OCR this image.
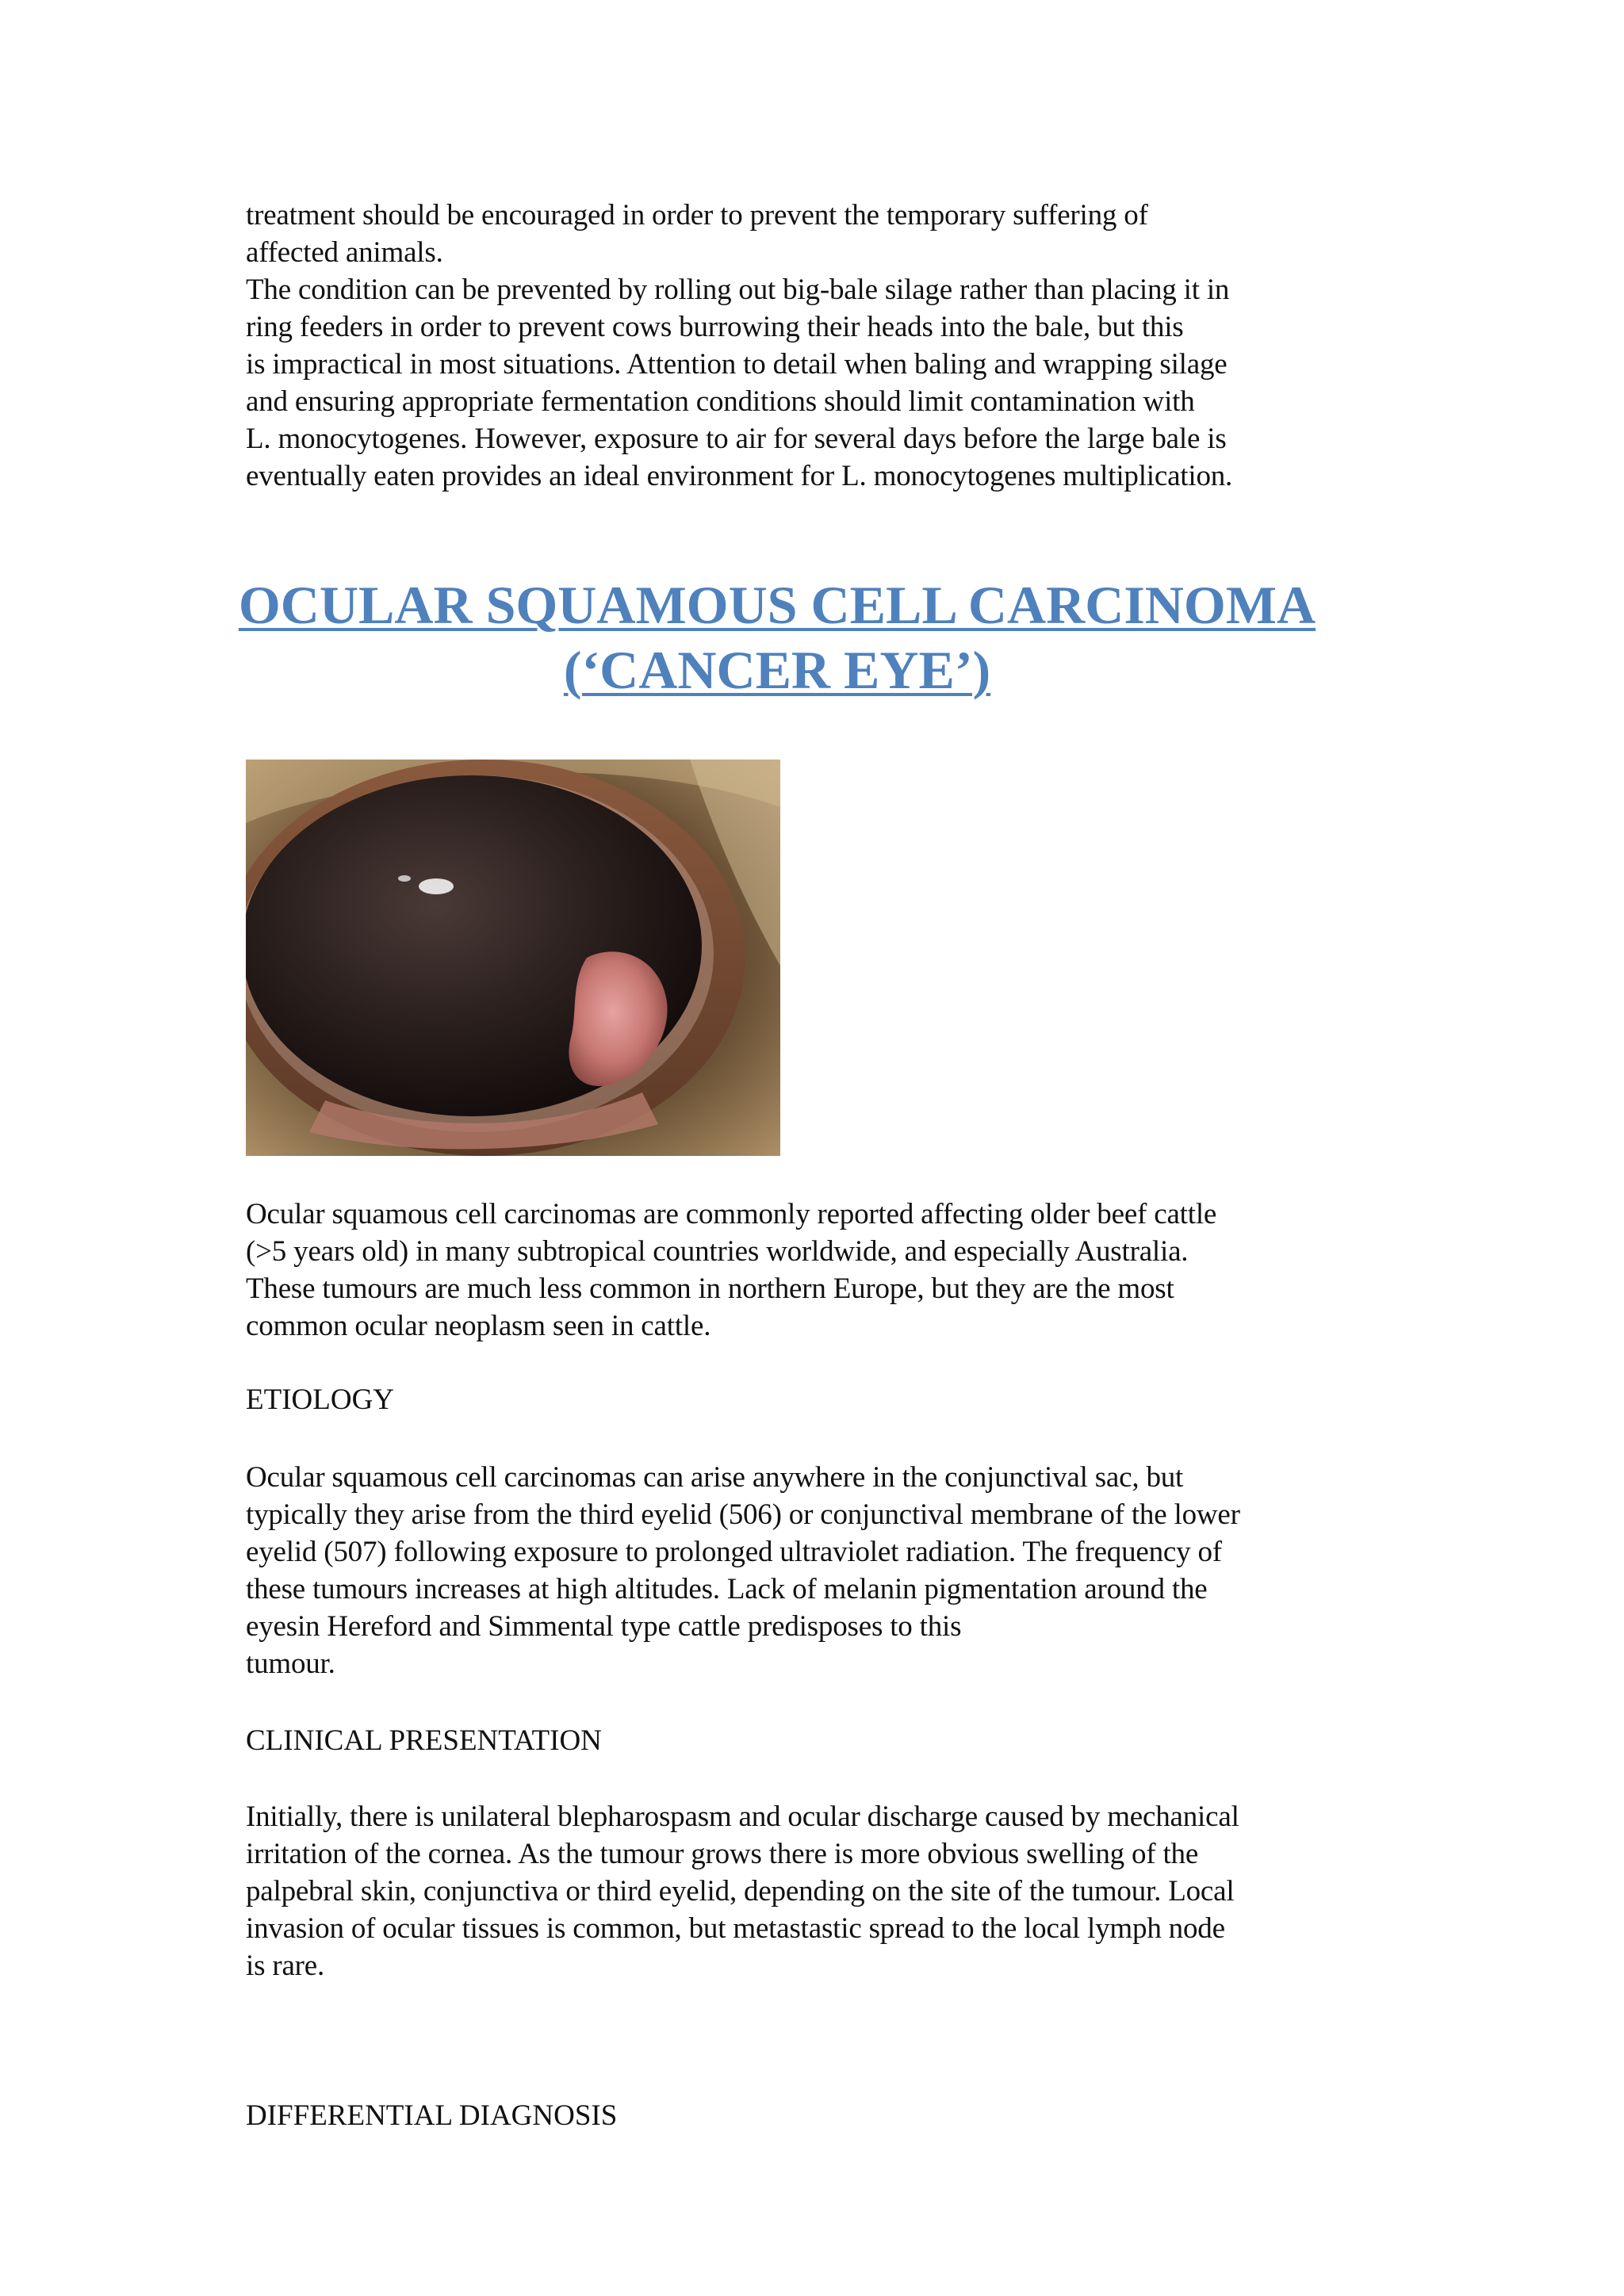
treatment should be encouraged in order to prevent the temporary suffering of
affected animals.
The condition can be prevented by rolling out big-bale silage rather than placing it in
ring feeders in order to prevent cows burrowing their heads into the bale, but this
is impractical in most situations. Attention to detail when baling and wrapping silage
and ensuring appropriate fermentation conditions should limit contamination with
L. monocytogenes. However, exposure to air for several days before the large bale is
eventually eaten provides an ideal environment for L. monocytogenes multiplication.
OCULAR SQUAMOUS CELL CARCINOMA
(‘CANCER EYE’)
Ocular squamous cell carcinomas are commonly reported affecting older beef cattle
(>5 years old) in many subtropical countries worldwide, and especially Australia.
These tumours are much less common in northern Europe, but they are the most
common ocular neoplasm seen in cattle.
ETIOLOGY
Ocular squamous cell carcinomas can arise anywhere in the conjunctival sac, but
typically they arise from the third eyelid (506) or conjunctival membrane of the lower
eyelid (507) following exposure to prolonged ultraviolet radiation. The frequency of
these tumours increases at high altitudes. Lack of melanin pigmentation around the
eyesin Hereford and Simmental type cattle predisposes to this
tumour.
CLINICAL PRESENTATION
Initially, there is unilateral blepharospasm and ocular discharge caused by mechanical
irritation of the cornea. As the tumour grows there is more obvious swelling of the
palpebral skin, conjunctiva or third eyelid, depending on the site of the tumour. Local
invasion of ocular tissues is common, but metastastic spread to the local lymph node
is rare.
DIFFERENTIAL DIAGNOSIS
